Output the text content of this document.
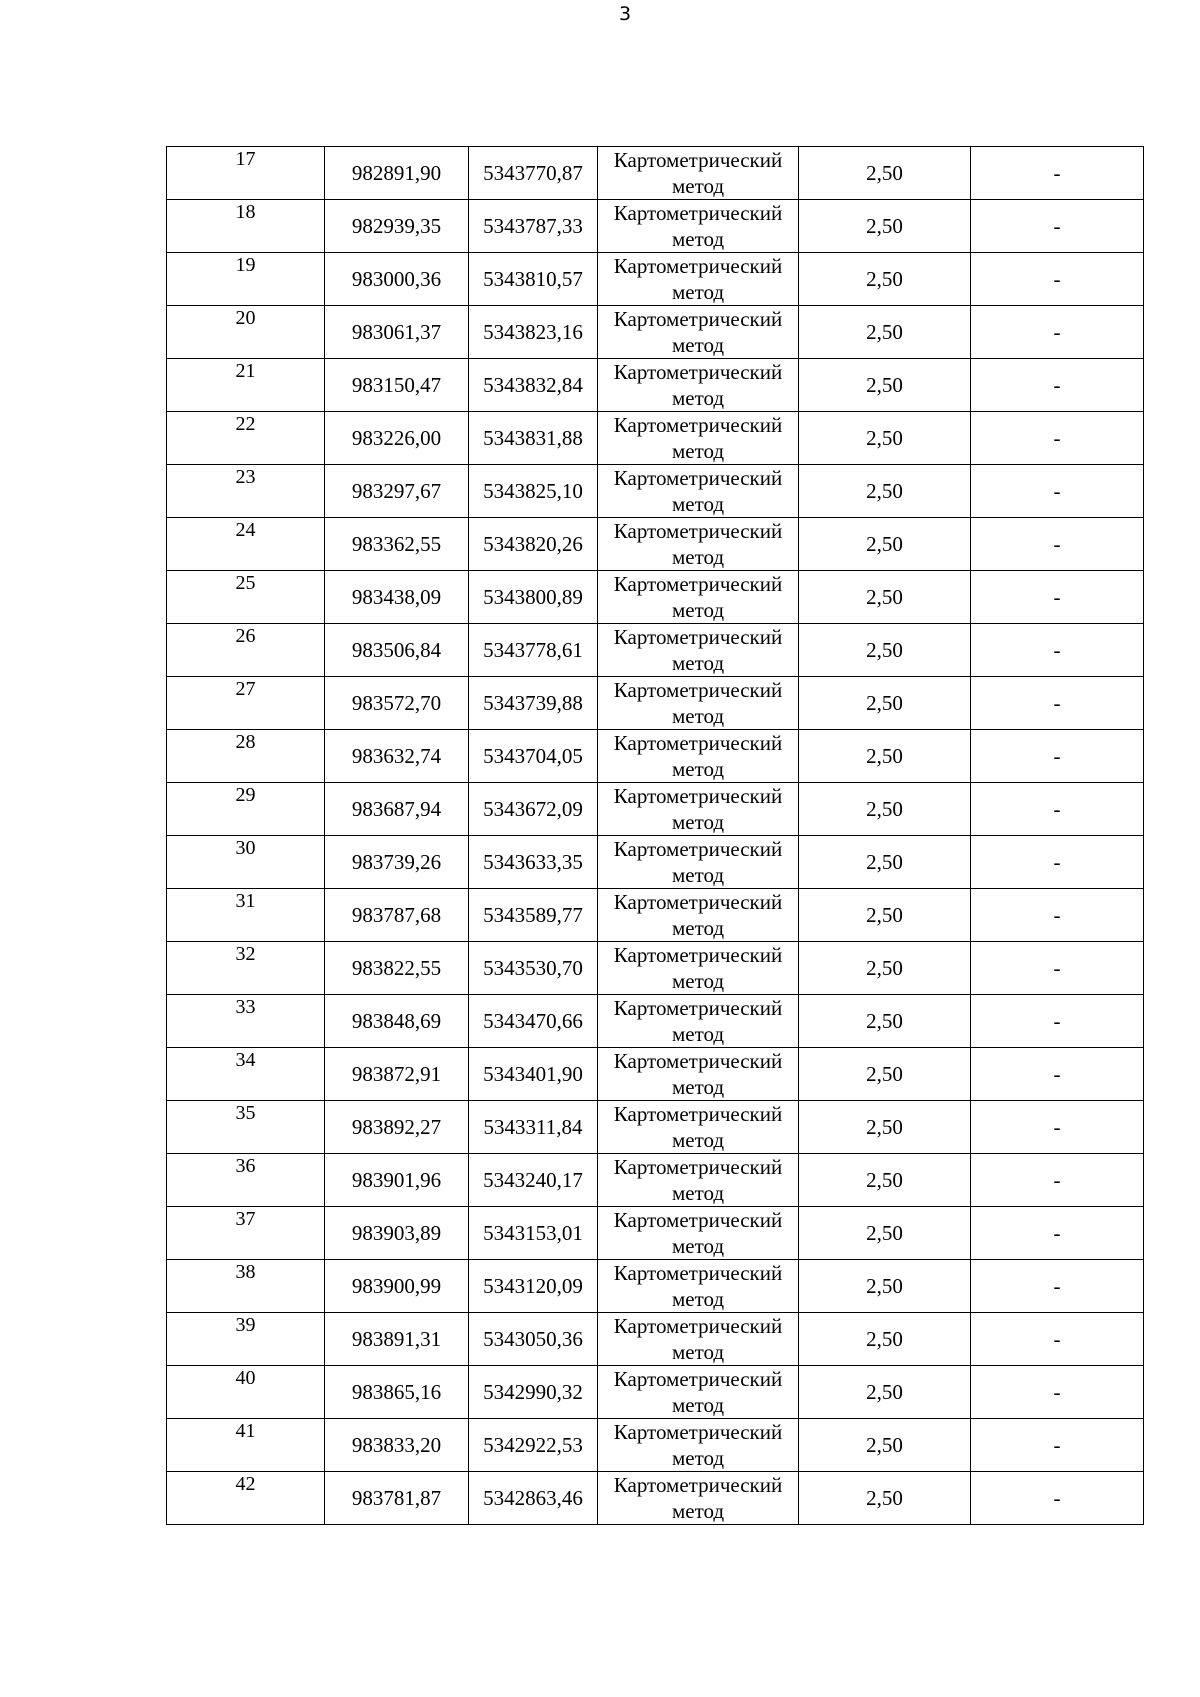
3
17	982891,90	5343770,87	Картометрический
метод	2,50	-
18	982939,35	5343787,33	Картометрический
метод	2,50	-
19	983000,36	5343810,57	Картометрический
метод	2,50	-
20	983061,37	5343823,16	Картометрический
метод	2,50	-
21	983150,47	5343832,84	Картометрический
метод	2,50	-
22	983226,00	5343831,88	Картометрический
метод	2,50	-
23	983297,67	5343825,10	Картометрический
метод	2,50	-
24	983362,55	5343820,26	Картометрический
метод	2,50	-
25	983438,09	5343800,89	Картометрический
метод	2,50	-
26	983506,84	5343778,61	Картометрический
метод	2,50	-
27	983572,70	5343739,88	Картометрический
метод	2,50	-
28	983632,74	5343704,05	Картометрический
метод	2,50	-
29	983687,94	5343672,09	Картометрический
метод	2,50	-
30	983739,26	5343633,35	Картометрический
метод	2,50	-
31	983787,68	5343589,77	Картометрический
метод	2,50	-
32	983822,55	5343530,70	Картометрический
метод	2,50	-
33	983848,69	5343470,66	Картометрический
метод	2,50	-
34	983872,91	5343401,90	Картометрический
метод	2,50	-
35	983892,27	5343311,84	Картометрический
метод	2,50	-
36	983901,96	5343240,17	Картометрический
метод	2,50	-
37	983903,89	5343153,01	Картометрический
метод	2,50	-
38	983900,99	5343120,09	Картометрический
метод	2,50	-
39	983891,31	5343050,36	Картометрический
метод	2,50	-
40	983865,16	5342990,32	Картометрический
метод	2,50	-
41	983833,20	5342922,53	Картометрический
метод	2,50	-
42	983781,87	5342863,46	Картометрический
метод	2,50	-
